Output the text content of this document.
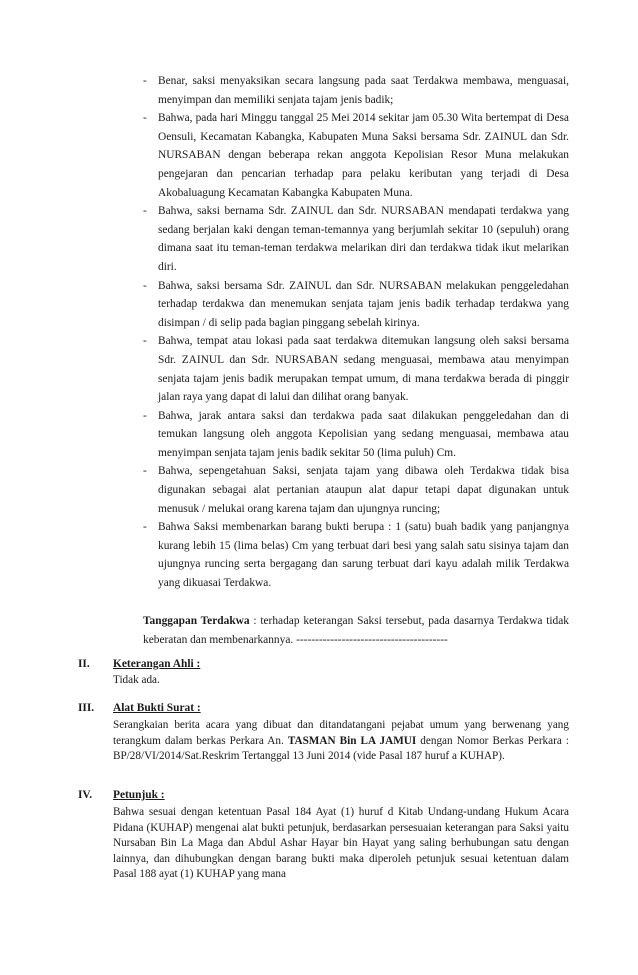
- Benar, saksi menyaksikan secara langsung pada saat Terdakwa membawa, menguasai, menyimpan dan memiliki senjata tajam jenis badik;
- Bahwa, pada hari Minggu tanggal 25 Mei 2014 sekitar jam 05.30 Wita bertempat di Desa Oensuli, Kecamatan Kabangka, Kabupaten Muna Saksi bersama Sdr. ZAINUL dan Sdr. NURSABAN dengan beberapa rekan anggota Kepolisian Resor Muna melakukan pengejaran dan pencarian terhadap para pelaku keributan yang terjadi di Desa Akobaluagung Kecamatan Kabangka Kabupaten Muna.
- Bahwa, saksi bernama Sdr. ZAINUL dan Sdr. NURSABAN mendapati terdakwa yang sedang berjalan kaki dengan teman-temannya yang berjumlah sekitar 10 (sepuluh) orang dimana saat itu teman-teman terdakwa melarikan diri dan terdakwa tidak ikut melarikan diri.
- Bahwa, saksi bersama Sdr. ZAINUL dan Sdr. NURSABAN melakukan penggeledahan terhadap terdakwa dan menemukan senjata tajam jenis badik terhadap terdakwa yang disimpan / di selip pada bagian pinggang sebelah kirinya.
- Bahwa, tempat atau lokasi pada saat terdakwa ditemukan langsung oleh saksi bersama Sdr. ZAINUL dan Sdr. NURSABAN sedang menguasai, membawa atau menyimpan senjata tajam jenis badik merupakan tempat umum, di mana terdakwa berada di pinggir jalan raya yang dapat di lalui dan dilihat orang banyak.
- Bahwa, jarak antara saksi dan terdakwa pada saat dilakukan penggeledahan dan di temukan langsung oleh anggota Kepolisian yang sedang menguasai, membawa atau menyimpan senjata tajam jenis badik sekitar 50 (lima puluh) Cm.
- Bahwa, sepengetahuan Saksi, senjata tajam yang dibawa oleh Terdakwa tidak bisa digunakan sebagai alat pertanian ataupun alat dapur tetapi dapat digunakan untuk menusuk / melukai orang karena tajam dan ujungnya runcing;
- Bahwa Saksi membenarkan barang bukti berupa : 1 (satu) buah badik yang panjangnya kurang lebih 15 (lima belas) Cm yang terbuat dari besi yang salah satu sisinya tajam dan ujungnya runcing serta bergagang dan sarung terbuat dari kayu adalah milik Terdakwa yang dikuasai Terdakwa.
Tanggapan Terdakwa : terhadap keterangan Saksi tersebut, pada dasarnya Terdakwa tidak keberatan dan membenarkannya. ----------------------------------------
II. Keterangan Ahli :
Tidak ada.
III. Alat Bukti Surat :
Serangkaian berita acara yang dibuat dan ditandatangani pejabat umum yang berwenang yang terangkum dalam berkas Perkara An. TASMAN Bin LA JAMUI dengan Nomor Berkas Perkara : BP/28/VI/2014/Sat.Reskrim Tertanggal 13 Juni 2014 (vide Pasal 187 huruf a KUHAP).
IV. Petunjuk :
Bahwa sesuai dengan ketentuan Pasal 184 Ayat (1) huruf d Kitab Undang-undang Hukum Acara Pidana (KUHAP) mengenai alat bukti petunjuk, berdasarkan persesuaian keterangan para Saksi yaitu Nursaban Bin La Maga dan Abdul Ashar Hayar bin Hayat yang saling berhubungan satu dengan lainnya, dan dihubungkan dengan barang bukti maka diperoleh petunjuk sesuai ketentuan dalam Pasal 188 ayat (1) KUHAP yang mana
